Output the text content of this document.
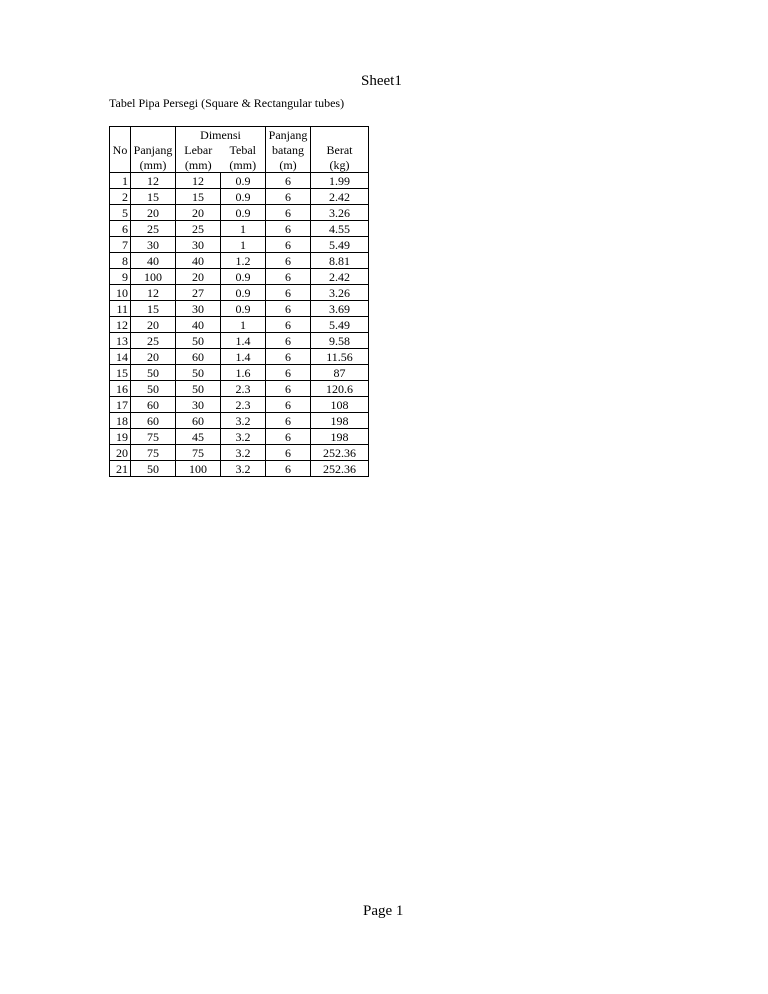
Sheet1
Tabel Pipa Persegi (Square & Rectangular tubes)
		Dimensi		Panjang	
No	Panjang	Lebar	Tebal	batang	Berat
	(mm)	(mm)	(mm)	(m)	(kg)
1	12	12	0.9	6	1.99
2	15	15	0.9	6	2.42
5	20	20	0.9	6	3.26
6	25	25	1	6	4.55
7	30	30	1	6	5.49
8	40	40	1.2	6	8.81
9	100	20	0.9	6	2.42
10	12	27	0.9	6	3.26
11	15	30	0.9	6	3.69
12	20	40	1	6	5.49
13	25	50	1.4	6	9.58
14	20	60	1.4	6	11.56
15	50	50	1.6	6	87
16	50	50	2.3	6	120.6
17	60	30	2.3	6	108
18	60	60	3.2	6	198
19	75	45	3.2	6	198
20	75	75	3.2	6	252.36
21	50	100	3.2	6	252.36
Page 1
